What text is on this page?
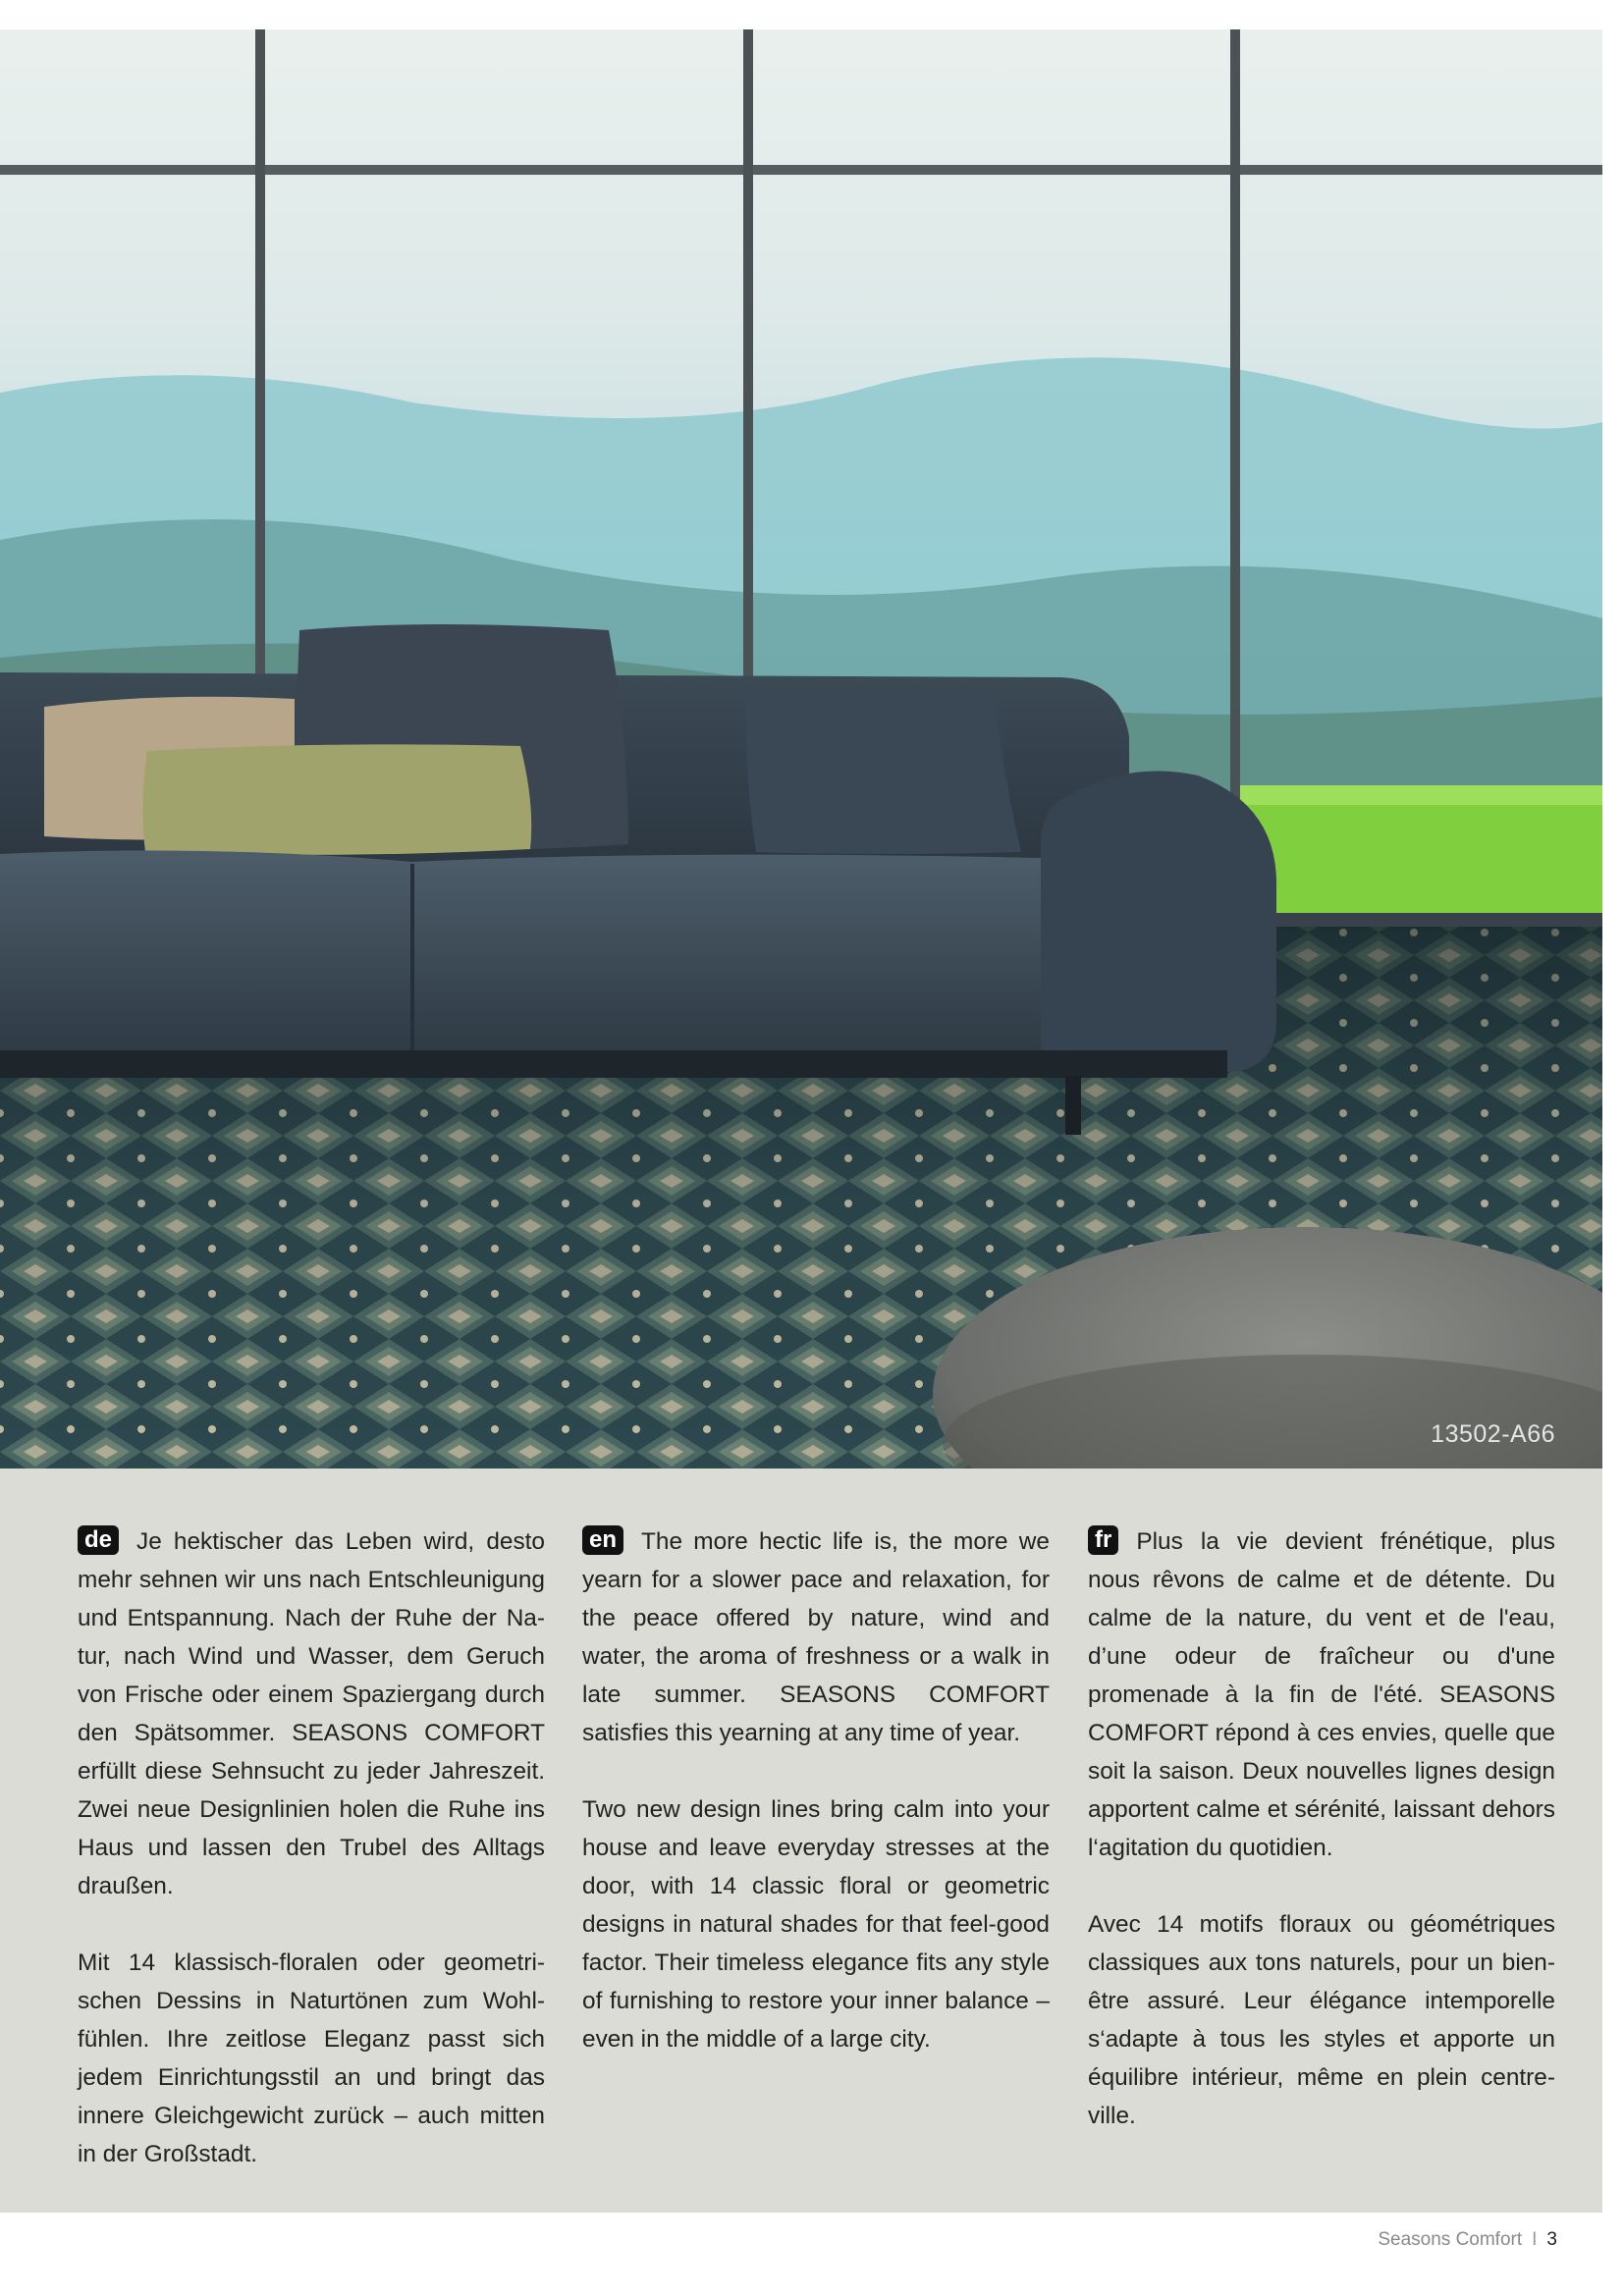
13502-A66

de Je hektischer das Leben wird, desto mehr sehnen wir uns nach Entschleunigung und Entspannung. Nach der Ruhe der Natur, nach Wind und Wasser, dem Geruch von Frische oder einem Spaziergang durch den Spätsommer. SEASONS COMFORT erfüllt diese Sehnsucht zu jeder Jahreszeit. Zwei neue Designlinien holen die Ruhe ins Haus und lassen den Trubel des Alltags draußen.

Mit 14 klassisch-floralen oder geometrischen Dessins in Naturtönen zum Wohlfühlen. Ihre zeitlose Eleganz passt sich jedem Einrichtungsstil an und bringt das innere Gleichgewicht zurück – auch mitten in der Großstadt.

en The more hectic life is, the more we yearn for a slower pace and relaxation, for the peace offered by nature, wind and water, the aroma of freshness or a walk in late summer. SEASONS COMFORT satisfies this yearning at any time of year.

Two new design lines bring calm into your house and leave everyday stresses at the door, with 14 classic floral or geometric designs in natural shades for that feel-good factor. Their timeless elegance fits any style of furnishing to restore your inner balance – even in the middle of a large city.

fr Plus la vie devient frénétique, plus nous rêvons de calme et de détente. Du calme de la nature, du vent et de l'eau, d’une odeur de fraîcheur ou d'une promenade à la fin de l'été. SEASONS COMFORT répond à ces envies, quelle que soit la saison. Deux nouvelles lignes design apportent calme et sérénité, laissant dehors l‘agitation du quotidien.

Avec 14 motifs floraux ou géométriques classiques aux tons naturels, pour un bien-être assuré. Leur élégance intemporelle s‘adapte à tous les styles et apporte un équilibre intérieur, même en plein centre-ville.

Seasons Comfort I 3
